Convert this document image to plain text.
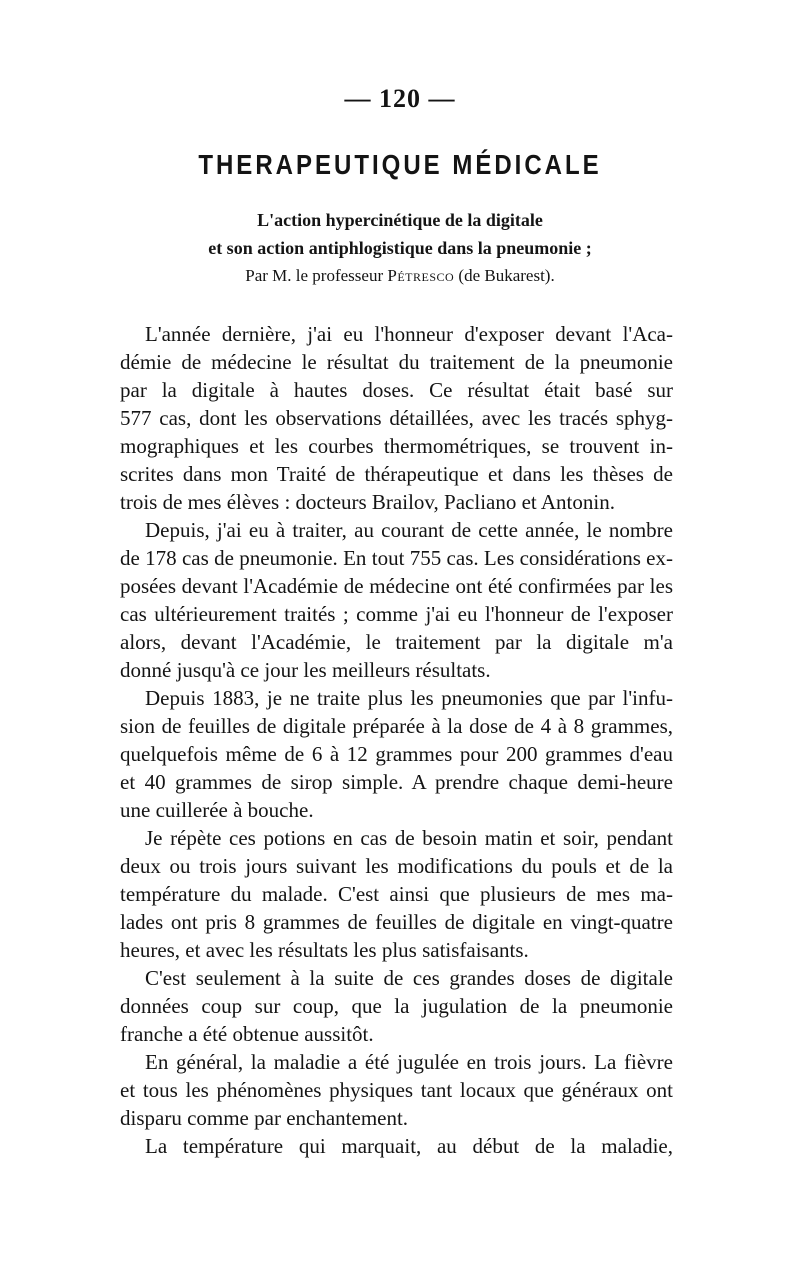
— 120 —
THERAPEUTIQUE MÉDICALE
L'action hypercinétique de la digitale
et son action antiphlogistique dans la pneumonie ;
Par M. le professeur Pétresco (de Bukarest).
L'année dernière, j'ai eu l'honneur d'exposer devant l'Aca-
démie de médecine le résultat du traitement de la pneumonie
par la digitale à hautes doses. Ce résultat était basé sur
577 cas, dont les observations détaillées, avec les tracés sphyg-
mographiques et les courbes thermométriques, se trouvent in-
scrites dans mon Traité de thérapeutique et dans les thèses de
trois de mes élèves : docteurs Brailov, Pacliano et Antonin.
Depuis, j'ai eu à traiter, au courant de cette année, le nombre
de 178 cas de pneumonie. En tout 755 cas. Les considérations ex-
posées devant l'Académie de médecine ont été confirmées par les
cas ultérieurement traités ; comme j'ai eu l'honneur de l'exposer
alors, devant l'Académie, le traitement par la digitale m'a
donné jusqu'à ce jour les meilleurs résultats.
Depuis 1883, je ne traite plus les pneumonies que par l'infu-
sion de feuilles de digitale préparée à la dose de 4 à 8 grammes,
quelquefois même de 6 à 12 grammes pour 200 grammes d'eau
et 40 grammes de sirop simple. A prendre chaque demi-heure
une cuillerée à bouche.
Je répète ces potions en cas de besoin matin et soir, pendant
deux ou trois jours suivant les modifications du pouls et de la
température du malade. C'est ainsi que plusieurs de mes ma-
lades ont pris 8 grammes de feuilles de digitale en vingt-quatre
heures, et avec les résultats les plus satisfaisants.
C'est seulement à la suite de ces grandes doses de digitale
données coup sur coup, que la jugulation de la pneumonie
franche a été obtenue aussitôt.
En général, la maladie a été jugulée en trois jours. La fièvre
et tous les phénomènes physiques tant locaux que généraux ont
disparu comme par enchantement.
La température qui marquait, au début de la maladie,
